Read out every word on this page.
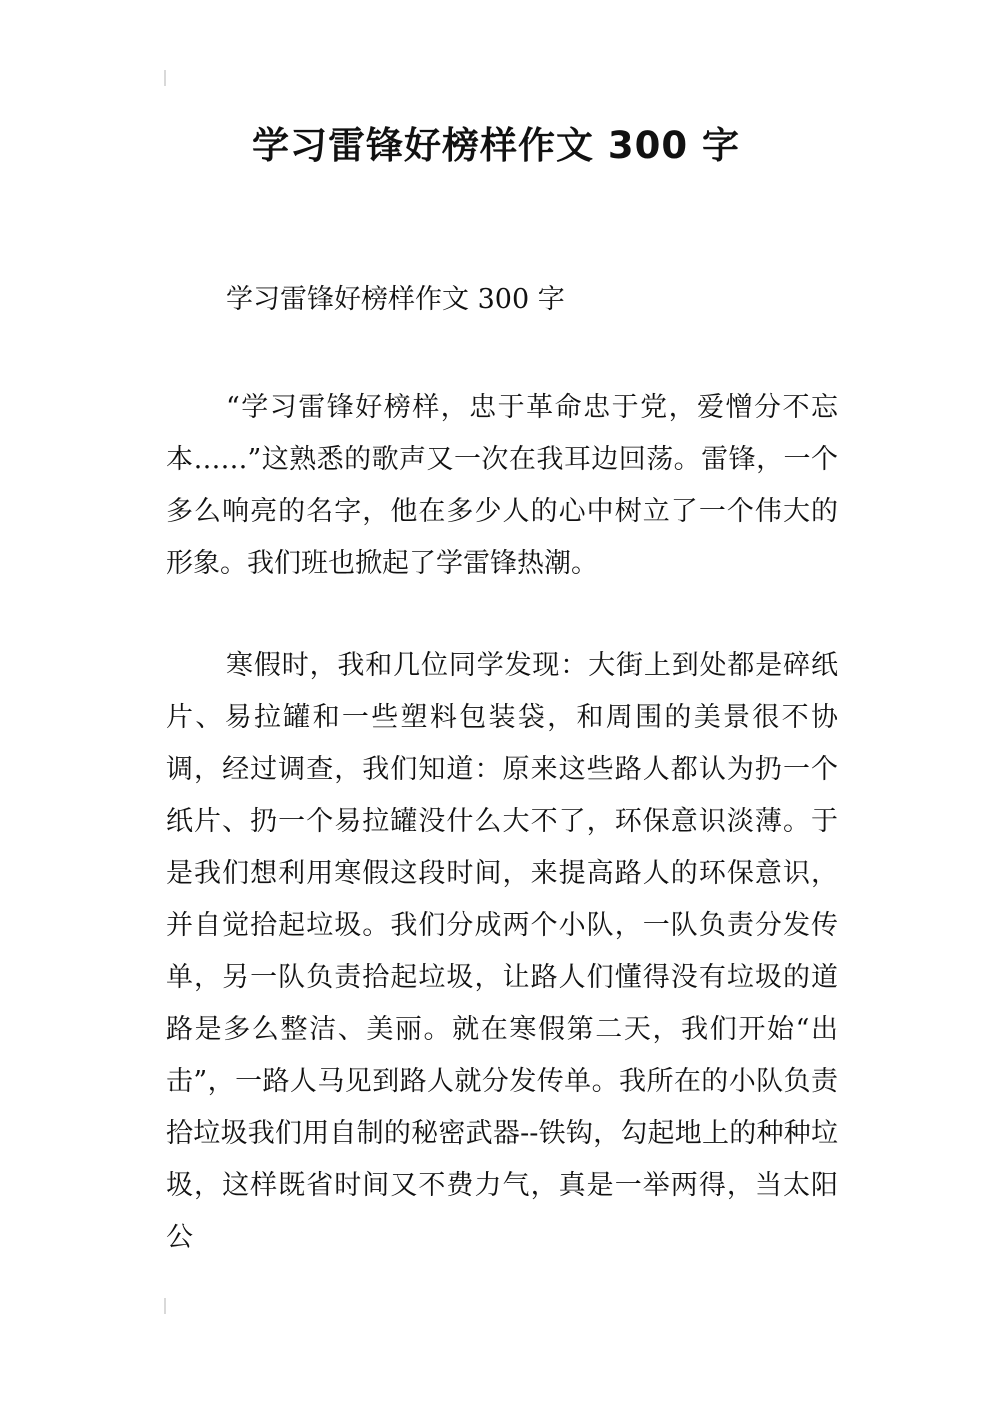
学习雷锋好榜样作文 300 字

学习雷锋好榜样作文 300 字

“学习雷锋好榜样，忠于革命忠于党，爱憎分不忘本……”这熟悉的歌声又一次在我耳边回荡。雷锋，一个多么响亮的名字，他在多少人的心中树立了一个伟大的形象。我们班也掀起了学雷锋热潮。

寒假时，我和几位同学发现：大街上到处都是碎纸片、易拉罐和一些塑料包装袋，和周围的美景很不协调，经过调查，我们知道：原来这些路人都认为扔一个纸片、扔一个易拉罐没什么大不了，环保意识淡薄。于是我们想利用寒假这段时间，来提高路人的环保意识，并自觉拾起垃圾。我们分成两个小队，一队负责分发传单，另一队负责拾起垃圾，让路人们懂得没有垃圾的道路是多么整洁、美丽。就在寒假第二天，我们开始“出击”，一路人马见到路人就分发传单。我所在的小队负责拾垃圾我们用自制的秘密武器--铁钩，勾起地上的种种垃圾，这样既省时间又不费力气，真是一举两得，当太阳公
